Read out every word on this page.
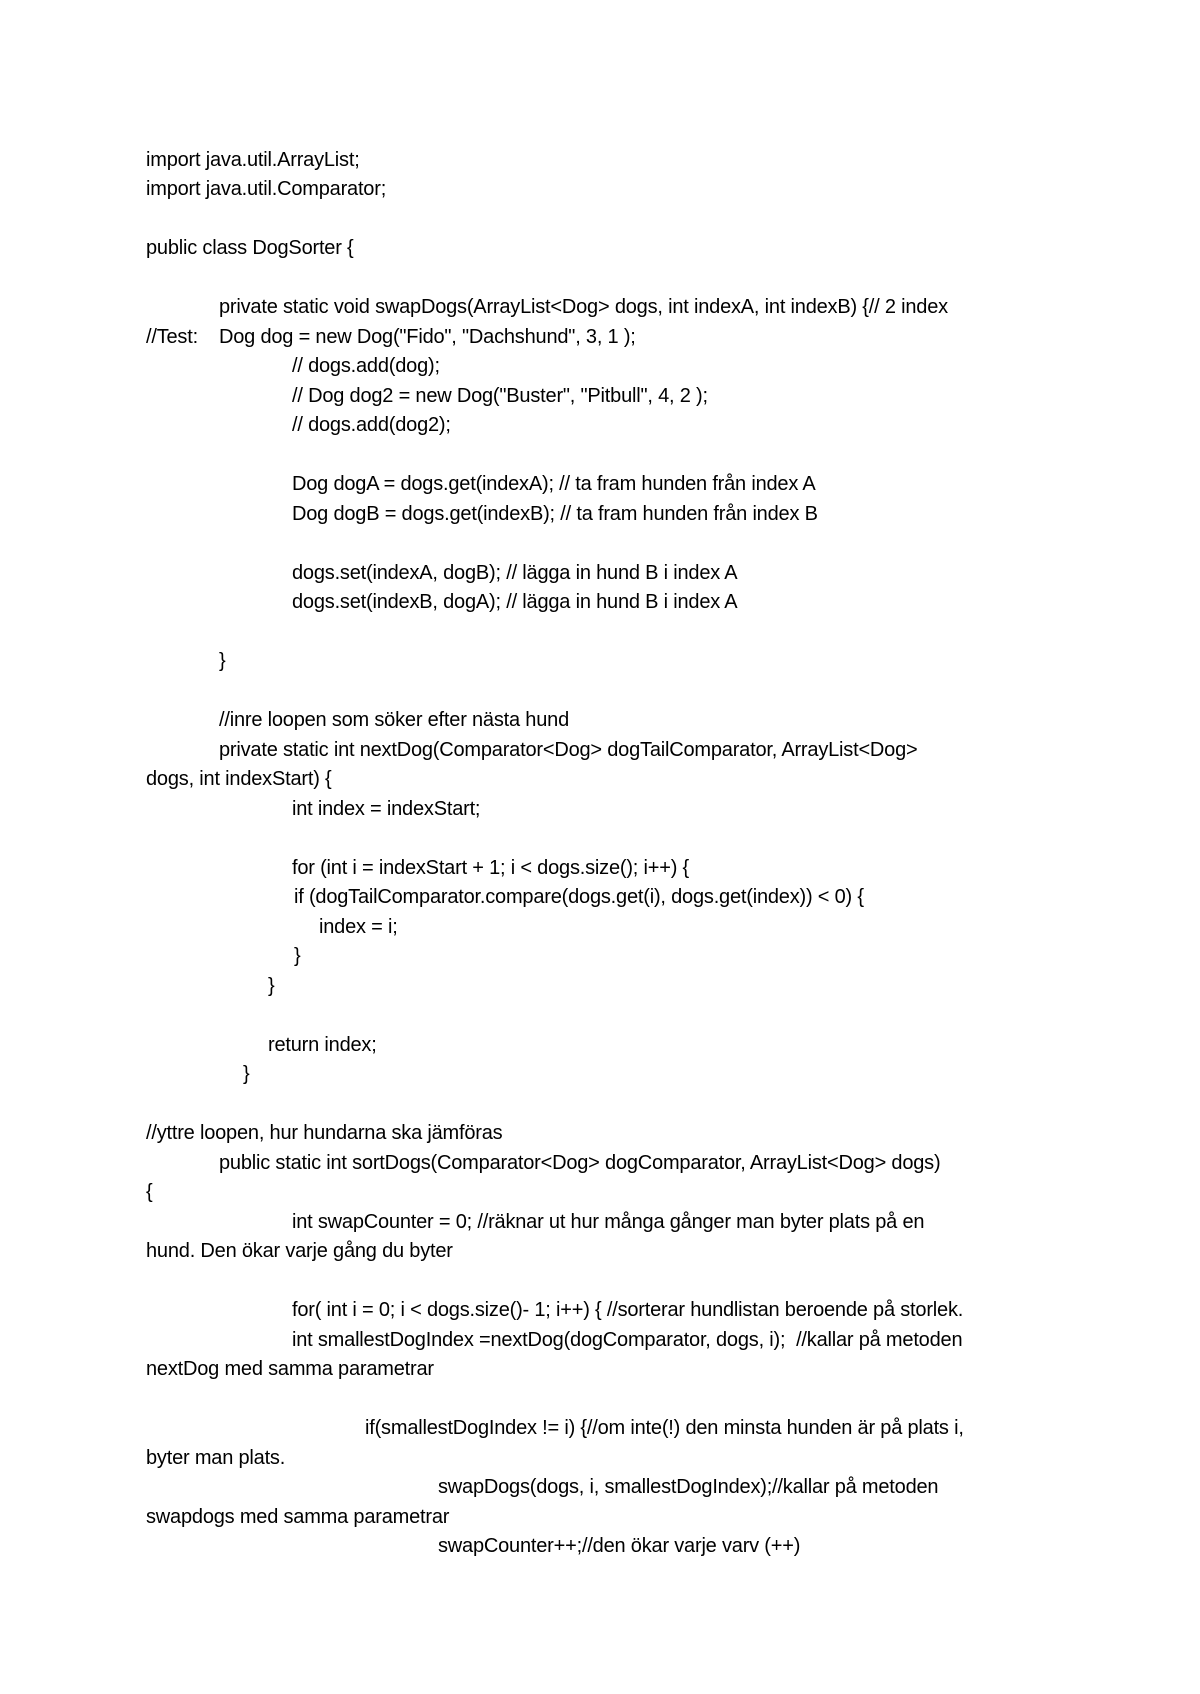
import java.util.ArrayList;
import java.util.Comparator;
public class DogSorter {
private static void swapDogs(ArrayList<Dog> dogs, int indexA, int indexB) {// 2 index
//Test: Dog dog = new Dog("Fido", "Dachshund", 3, 1 );
// dogs.add(dog);
// Dog dog2 = new Dog("Buster", "Pitbull", 4, 2 );
// dogs.add(dog2);
Dog dogA = dogs.get(indexA); // ta fram hunden från index A
Dog dogB = dogs.get(indexB); // ta fram hunden från index B
dogs.set(indexA, dogB); // lägga in hund B i index A
dogs.set(indexB, dogA); // lägga in hund B i index A
}
//inre loopen som söker efter nästa hund
private static int nextDog(Comparator<Dog> dogTailComparator, ArrayList<Dog>
dogs, int indexStart) {
int index = indexStart;
for (int i = indexStart + 1; i < dogs.size(); i++) {
if (dogTailComparator.compare(dogs.get(i), dogs.get(index)) < 0) {
index = i;
}
}
return index;
}
//yttre loopen, hur hundarna ska jämföras
public static int sortDogs(Comparator<Dog> dogComparator, ArrayList<Dog> dogs)
{
int swapCounter = 0; //räknar ut hur många gånger man byter plats på en
hund. Den ökar varje gång du byter
for( int i = 0; i < dogs.size()- 1; i++) { //sorterar hundlistan beroende på storlek.
int smallestDogIndex =nextDog(dogComparator, dogs, i);  //kallar på metoden
nextDog med samma parametrar
if(smallestDogIndex != i) {//om inte(!) den minsta hunden är på plats i,
byter man plats.
swapDogs(dogs, i, smallestDogIndex);//kallar på metoden
swapdogs med samma parametrar
swapCounter++;//den ökar varje varv (++)
